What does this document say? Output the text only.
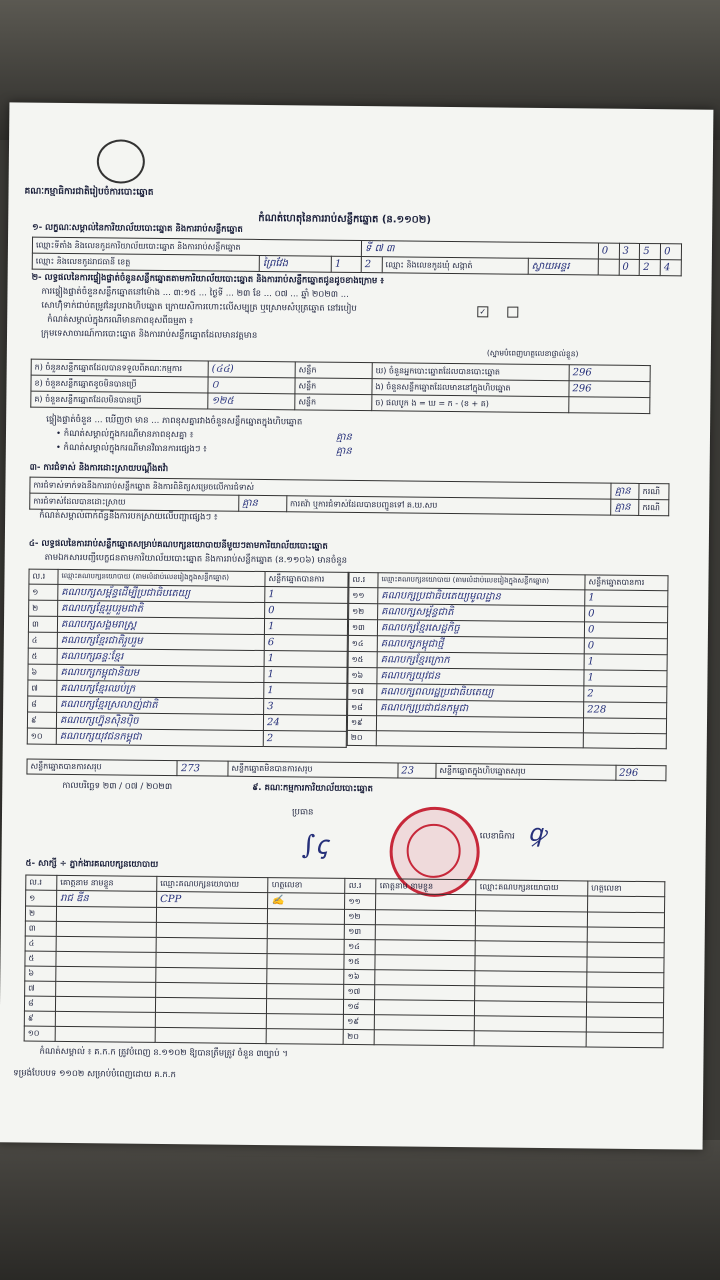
គណៈកម្មាធិការជាតិរៀបចំការបោះឆ្នោត
កំណត់ហេតុនៃការរាប់សន្លឹកឆ្នោត (ន.១១០២)
១- លក្ខណៈសម្គាល់នៃការិយាល័យបោះឆ្នោត និងការរាប់សន្លឹកឆ្នោត
ឈ្មោះទីតាំង និងលេខកូដការិយាល័យបោះឆ្នោត និងការរាប់សន្លឹកឆ្នោត			ទី ៧ ៣			0	3	5	0
ឈ្មោះ និងលេខកូដរាជធានី ខេត្ត	ព្រៃវែង	1	2	ឈ្មោះ និងលេខកូដឃុំ សង្កាត់	ស្វាយអន្ទរ		0	2	4
២- លទ្ធផលនៃការផ្ទៀងផ្ទាត់ចំនួនសន្លឹកឆ្នោតតាមការិយាល័យបោះឆ្នោត និងការរាប់សន្លឹកឆ្នោតជូនដូចខាងក្រោម ៖
ការផ្ទៀងផ្ទាត់ចំនួនសន្លឹកឆ្នោតនៅម៉ោង ... ៣:១៥ ... ថ្ងៃទី ... ២៣ ខែ ... ០៧ ... ឆ្នាំ ២០២៣ ...
សោហ៊ុំទាក់ជាប់តម្រូវនៃរូបរាងហិបឆ្នោត ក្រោយសិការហោះលើសម្បុត្រ ឬស្រោមសំបុត្រឆ្នោត នៅរបៀប	✓
កំណត់សម្គាល់ក្នុងករណីមានភាពខុសពីធម្មតា ៖
ក្រុមទេសាចារណ៍ការបោះឆ្នោត និងការរាប់សន្លឹកឆ្នោតដែលមានវត្តមាន
(ស្នាមបំពេញហត្ថលេខាផ្ទាល់ខ្លួន)
ក) ចំនួនសន្លឹកឆ្នោតដែលបានទទួលពីគណៈកម្មការ	(៤៤)	សន្លឹក	ឃ) ចំនួនអ្នកបោះឆ្នោតដែលបានបោះឆ្នោត	296
ខ) ចំនួនសន្លឹកឆ្នោតខូចមិនបានប្រើ	០	សន្លឹក	ង) ចំនួនសន្លឹកឆ្នោតដែលមាននៅក្នុងហិបឆ្នោត	296
គ) ចំនួនសន្លឹកឆ្នោតដែលមិនបានប្រើ	១២៥	សន្លឹក	ច) ផលបូក ង = ឃ = ក - (ខ + គ)	
ផ្ទៀងផ្ទាត់ចំនួន ... ឃើញថា មាន ... ភាពខុសគ្នារវាងចំនួនសន្លឹកឆ្នោតក្នុងហិបឆ្នោត
• កំណត់សម្គាល់ក្នុងករណីមានភាពខុសគ្នា ៖	គ្មាន
• កំណត់សម្គាល់ក្នុងករណីមានវិធានការផ្សេងៗ ៖	គ្មាន
៣- ការជំទាស់ និងការដោះស្រាយបណ្ដឹងតវ៉ា
ការជំទាស់ទាក់ទងនឹងការរាប់សន្លឹកឆ្នោត និងការពិនិត្យសម្រេចលើការជំទាស់			គ្មាន	ករណី
ការជំទាស់ដែលបានដោះស្រាយ	គ្មាន	ការតវ៉ា ឬការជំទាស់ដែលបានបញ្ជូនទៅ គ.ឃ.សប	គ្មាន	ករណី
កំណត់សម្គាល់ពាក់ព័ន្ធនឹងការបកស្រាយលើបញ្ហាផ្សេងៗ ៖
៤- លទ្ធផលនៃការរាប់សន្លឹកឆ្នោតសម្រាប់គណបក្សនយោបាយនីមួយៗតាមការិយាល័យបោះឆ្នោត
តាមឯកសារបញ្ជីបេក្ខជនតាមការិយាល័យបោះឆ្នោត និងការរាប់សន្លឹកឆ្នោត (ន.១១០៦) មានចំនួន
ល.រ	ឈ្មោះគណបក្សនយោបាយ (តាមលំដាប់លេខរៀងក្នុងសន្លឹកឆ្នោត)	សន្លឹកឆ្នោតបានការ
១	គណបក្សសម្ព័ន្ធដើម្បីប្រជាធិបតេយ្យ	1
២	គណបក្សខ្មែររួបរួមជាតិ	0
៣	គណបក្សសង្គមរាស្ត្រ	1
៤	គណបក្សខ្មែរជាតិរួបរួម	6
៥	គណបក្សឆន្ទៈខ្មែរ	1
៦	គណបក្សកម្ពុជានិយម	1
៧	គណបក្សខ្មែរឈប់ក្រ	1
៨	គណបក្សខ្មែរស្រលាញ់ជាតិ	3
៩	គណបក្សហ្វ៊ុនស៊ិនប៉ិច	24
១០	គណបក្សយុវជនកម្ពុជា	2
ល.រ	ឈ្មោះគណបក្សនយោបាយ (តាមលំដាប់លេខរៀងក្នុងសន្លឹកឆ្នោត)	សន្លឹកឆ្នោតបានការ
១១	គណបក្សប្រជាធិបតេយ្យមូលដ្ឋាន	1
១២	គណបក្សសម្ព័ន្ធជាតិ	0
១៣	គណបក្សខ្មែរសេដ្ឋកិច្ច	0
១៤	គណបក្សកម្ពុជាថ្មី	0
១៥	គណបក្សខ្មែរក្រោក	1
១៦	គណបក្សយុវជន	1
១៧	គណបក្សពលរដ្ឋប្រជាធិបតេយ្យ	2
១៨	គណបក្សប្រជាជនកម្ពុជា	228
១៩		
២០		
សន្លឹកឆ្នោតបានការសរុប	273	សន្លឹកឆ្នោតមិនបានការសរុប	23	សន្លឹកឆ្នោតក្នុងហិបឆ្នោតសរុប	296
កាលបរិច្ឆេទ ២៣ / ០៧ / ២០២៣	៩. គណៈកម្មការការិយាល័យបោះឆ្នោត
ប្រធាន
លេខាធិការ
∫ꞔ	ꝙ
៥- សាក្សី ÷ ភ្នាក់ងារគណបក្សនយោបាយ
ល.រ	គោត្តនាម នាមខ្លួន	ឈ្មោះគណបក្សនយោបាយ	ហត្ថលេខា	ល.រ	គោត្តនាម នាមខ្លួន	ឈ្មោះគណបក្សនយោបាយ	ហត្ថលេខា
១	រាជ ឌីន	CPP	✍	១១			
២				១២			
៣				១៣			
៤				១៤			
៥				១៥			
៦				១៦			
៧				១៧			
៨				១៨			
៩				១៩			
១០				២០			
កំណត់សម្គាល់ ៖ គ.ក.ក ត្រូវបំពេញ ន.១១០២ ឱ្យបានត្រឹមត្រូវ ចំនួន ៣ច្បាប់ ។
ទម្រង់បែបបទ ១១០២ សម្រាប់បំពេញដោយ គ.ក.ក
